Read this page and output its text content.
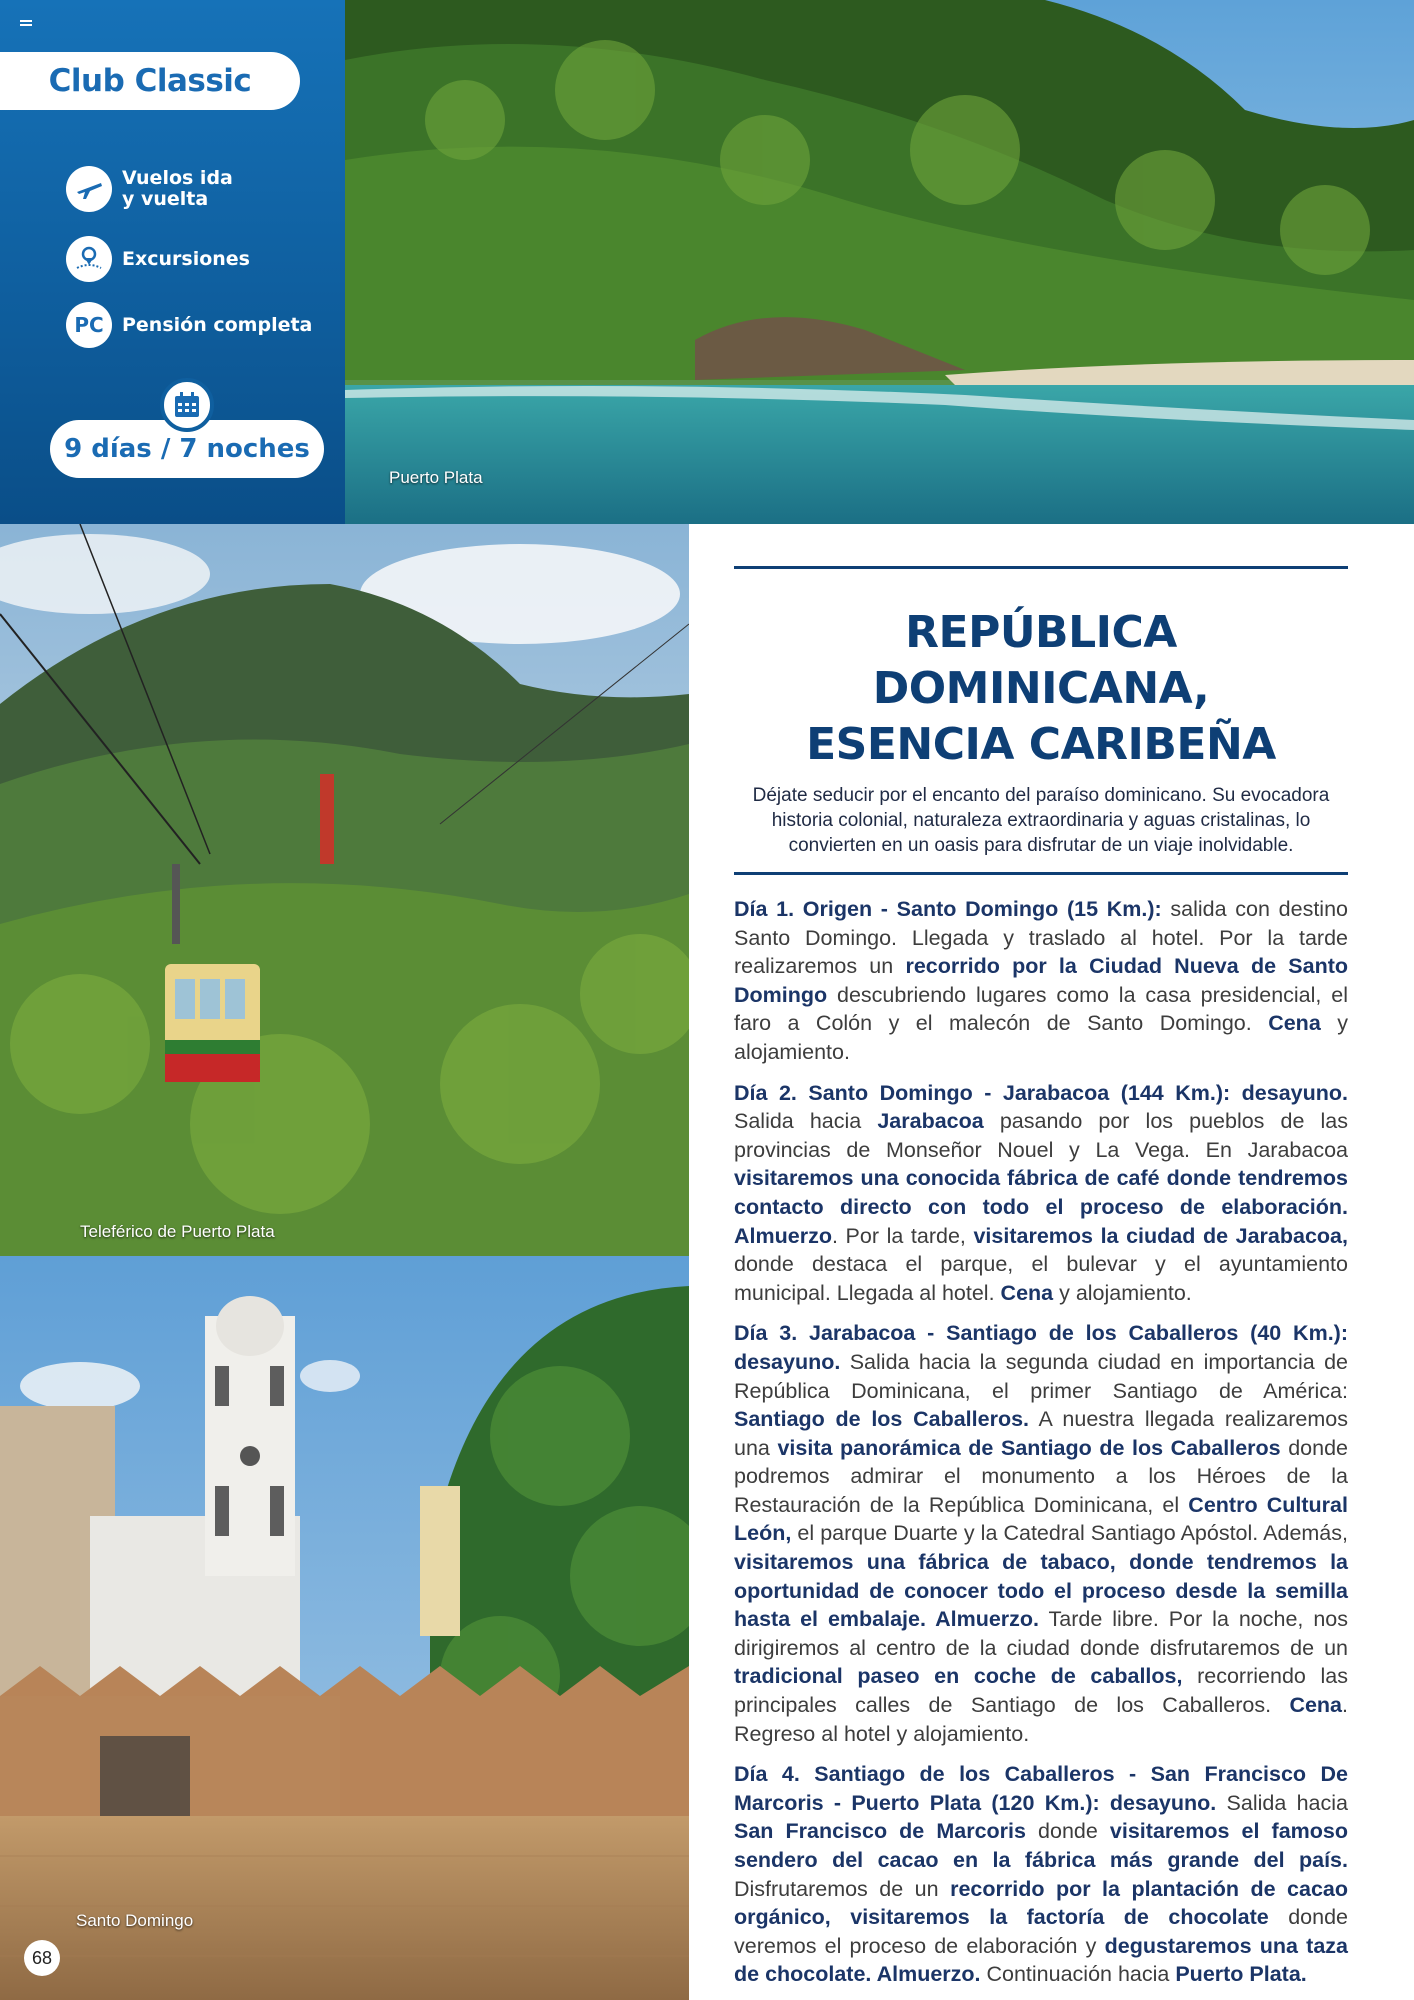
Club Classic
Vuelos ida
y vuelta
Excursiones
PC Pensión completa
9 días / 7 noches
Puerto Plata
Teleférico de Puerto Plata
Santo Domingo
68
REPÚBLICA DOMINICANA,
ESENCIA CARIBEÑA

Déjate seducir por el encanto del paraíso dominicano. Su evocadora historia colonial, naturaleza extraordinaria y aguas cristalinas, lo convierten en un oasis para disfrutar de un viaje inolvidable.

Día 1. Origen - Santo Domingo (15 Km.): salida con destino Santo Domingo. Llegada y traslado al hotel. Por la tarde realizaremos un recorrido por la Ciudad Nueva de Santo Domingo descubriendo lugares como la casa presidencial, el faro a Colón y el malecón de Santo Domingo. Cena y alojamiento.

Día 2. Santo Domingo - Jarabacoa (144 Km.): desayuno. Salida hacia Jarabacoa pasando por los pueblos de las provincias de Monseñor Nouel y La Vega. En Jarabacoa visitaremos una conocida fábrica de café donde tendremos contacto directo con todo el proceso de elaboración. Almuerzo. Por la tarde, visitaremos la ciudad de Jarabacoa, donde destaca el parque, el bulevar y el ayuntamiento municipal. Llegada al hotel. Cena y alojamiento.

Día 3. Jarabacoa - Santiago de los Caballeros (40 Km.): desayuno. Salida hacia la segunda ciudad en importancia de República Dominicana, el primer Santiago de América: Santiago de los Caballeros. A nuestra llegada realizaremos una visita panorámica de Santiago de los Caballeros donde podremos admirar el monumento a los Héroes de la Restauración de la República Dominicana, el Centro Cultural León, el parque Duarte y la Catedral Santiago Apóstol. Además, visitaremos una fábrica de tabaco, donde tendremos la oportunidad de conocer todo el proceso desde la semilla hasta el embalaje. Almuerzo. Tarde libre. Por la noche, nos dirigiremos al centro de la ciudad donde disfrutaremos de un tradicional paseo en coche de caballos, recorriendo las principales calles de Santiago de los Caballeros. Cena. Regreso al hotel y alojamiento.

Día 4. Santiago de los Caballeros - San Francisco De Marcoris - Puerto Plata (120 Km.): desayuno. Salida hacia San Francisco de Marcoris donde visitaremos el famoso sendero del cacao en la fábrica más grande del país. Disfrutaremos de un recorrido por la plantación de cacao orgánico, visitaremos la factoría de chocolate donde veremos el proceso de elaboración y degustaremos una taza de chocolate. Almuerzo. Continuación hacia Puerto Plata.
